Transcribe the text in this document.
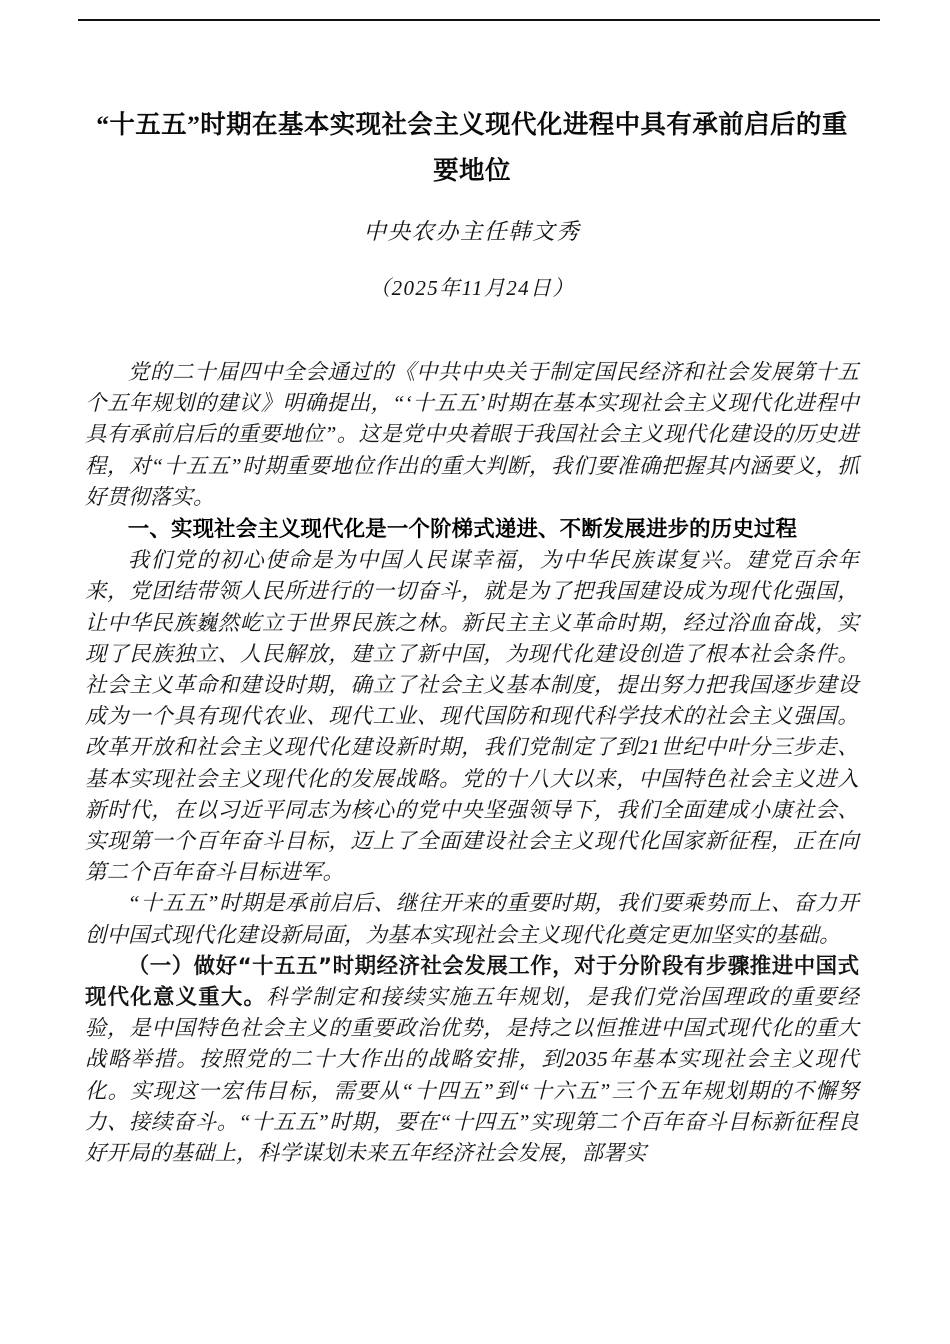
“十五五”时期在基本实现社会主义现代化进程中具有承前启后的重要地位

中央农办主任韩文秀

（2025年11月24日）

党的二十届四中全会通过的《中共中央关于制定国民经济和社会发展第十五个五年规划的建议》明确提出，“‘十五五’时期在基本实现社会主义现代化进程中具有承前启后的重要地位”。这是党中央着眼于我国社会主义现代化建设的历史进程，对“十五五”时期重要地位作出的重大判断，我们要准确把握其内涵要义，抓好贯彻落实。

一、实现社会主义现代化是一个阶梯式递进、不断发展进步的历史过程

我们党的初心使命是为中国人民谋幸福，为中华民族谋复兴。建党百余年来，党团结带领人民所进行的一切奋斗，就是为了把我国建设成为现代化强国，让中华民族巍然屹立于世界民族之林。新民主主义革命时期，经过浴血奋战，实现了民族独立、人民解放，建立了新中国，为现代化建设创造了根本社会条件。社会主义革命和建设时期，确立了社会主义基本制度，提出努力把我国逐步建设成为一个具有现代农业、现代工业、现代国防和现代科学技术的社会主义强国。改革开放和社会主义现代化建设新时期，我们党制定了到21世纪中叶分三步走、基本实现社会主义现代化的发展战略。党的十八大以来，中国特色社会主义进入新时代，在以习近平同志为核心的党中央坚强领导下，我们全面建成小康社会、实现第一个百年奋斗目标，迈上了全面建设社会主义现代化国家新征程，正在向第二个百年奋斗目标进军。

“十五五”时期是承前启后、继往开来的重要时期，我们要乘势而上、奋力开创中国式现代化建设新局面，为基本实现社会主义现代化奠定更加坚实的基础。

（一）做好“十五五”时期经济社会发展工作，对于分阶段有步骤推进中国式现代化意义重大。科学制定和接续实施五年规划，是我们党治国理政的重要经验，是中国特色社会主义的重要政治优势，是持之以恒推进中国式现代化的重大战略举措。按照党的二十大作出的战略安排，到2035年基本实现社会主义现代化。实现这一宏伟目标，需要从“十四五”到“十六五”三个五年规划期的不懈努力、接续奋斗。“十五五”时期，要在“十四五”实现第二个百年奋斗目标新征程良好开局的基础上，科学谋划未来五年经济社会发展，部署实
